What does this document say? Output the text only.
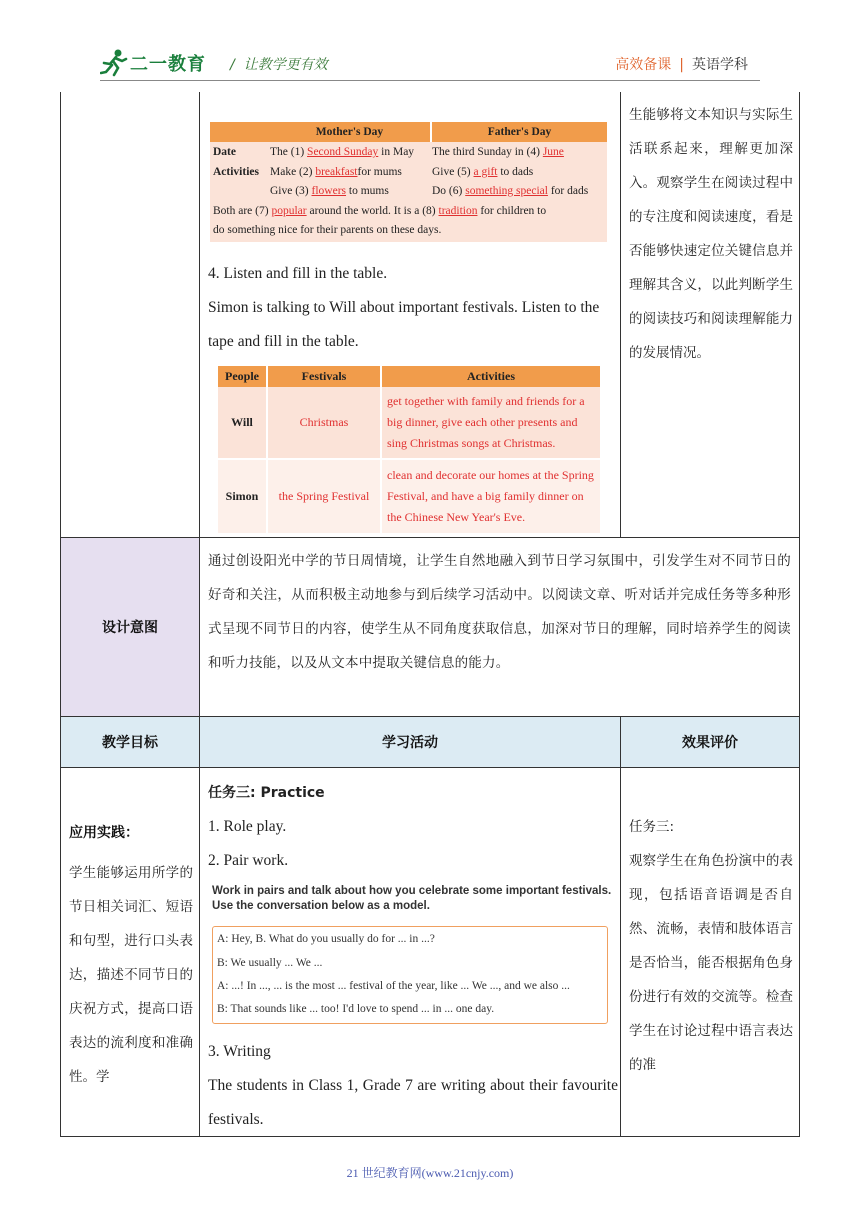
二一教育 /  让教学更有效	高效备课 | 英语学科
	Mother's Day	Father's Day
Date	The (1) Second Sunday in May	The third Sunday in (4) June
Activities	Make (2) breakfastfor mums	Give (5) a gift to dads
	Give (3) flowers to mums	Do (6) something special for dads
Both are (7) popular around the world. It is a (8) tradition for children to
do something nice for their parents on these days.		
4. Listen and fill in the table.
Simon is talking to Will about important festivals. Listen to the tape and fill in the table.
People	Festivals	Activities
Will	Christmas	get together with family and friends for a big dinner, give each other presents and sing Christmas songs at Christmas.
Simon	the Spring Festival	clean and decorate our homes at the Spring Festival, and have a big family dinner on the Chinese New Year's Eve.
生能够将文本知识与实际生活联系起来，理解更加深入。观察学生在阅读过程中的专注度和阅读速度，看是否能够快速定位关键信息并理解其含义，以此判断学生的阅读技巧和阅读理解能力的发展情况。
设计意图
通过创设阳光中学的节日周情境，让学生自然地融入到节日学习氛围中，引发学生对不同节日的好奇和关注，从而积极主动地参与到后续学习活动中。以阅读文章、听对话并完成任务等多种形式呈现不同节日的内容，使学生从不同角度获取信息，加深对节日的理解，同时培养学生的阅读和听力技能，以及从文本中提取关键信息的能力。
教学目标	学习活动	效果评价
应用实践：
学生能够运用所学的节日相关词汇、短语和句型，进行口头表达，描述不同节日的庆祝方式，提高口语表达的流利度和准确性。学
任务三: Practice
1. Role play.
2. Pair work.
Work in pairs and talk about how you celebrate some important festivals. Use the conversation below as a model.
A: Hey, B. What do you usually do for ... in ...?
B: We usually ... We ...
A: ...! In ..., ... is the most ... festival of the year, like ... We ..., and we also ...
B: That sounds like ... too! I'd love to spend ... in ... one day.
3. Writing
The students in Class 1, Grade 7 are writing about their favourite festivals.
任务三:
观察学生在角色扮演中的表现，包括语音语调是否自然、流畅，表情和肢体语言是否恰当，能否根据角色身份进行有效的交流等。检查学生在讨论过程中语言表达的准
21 世纪教育网(www.21cnjy.com)
